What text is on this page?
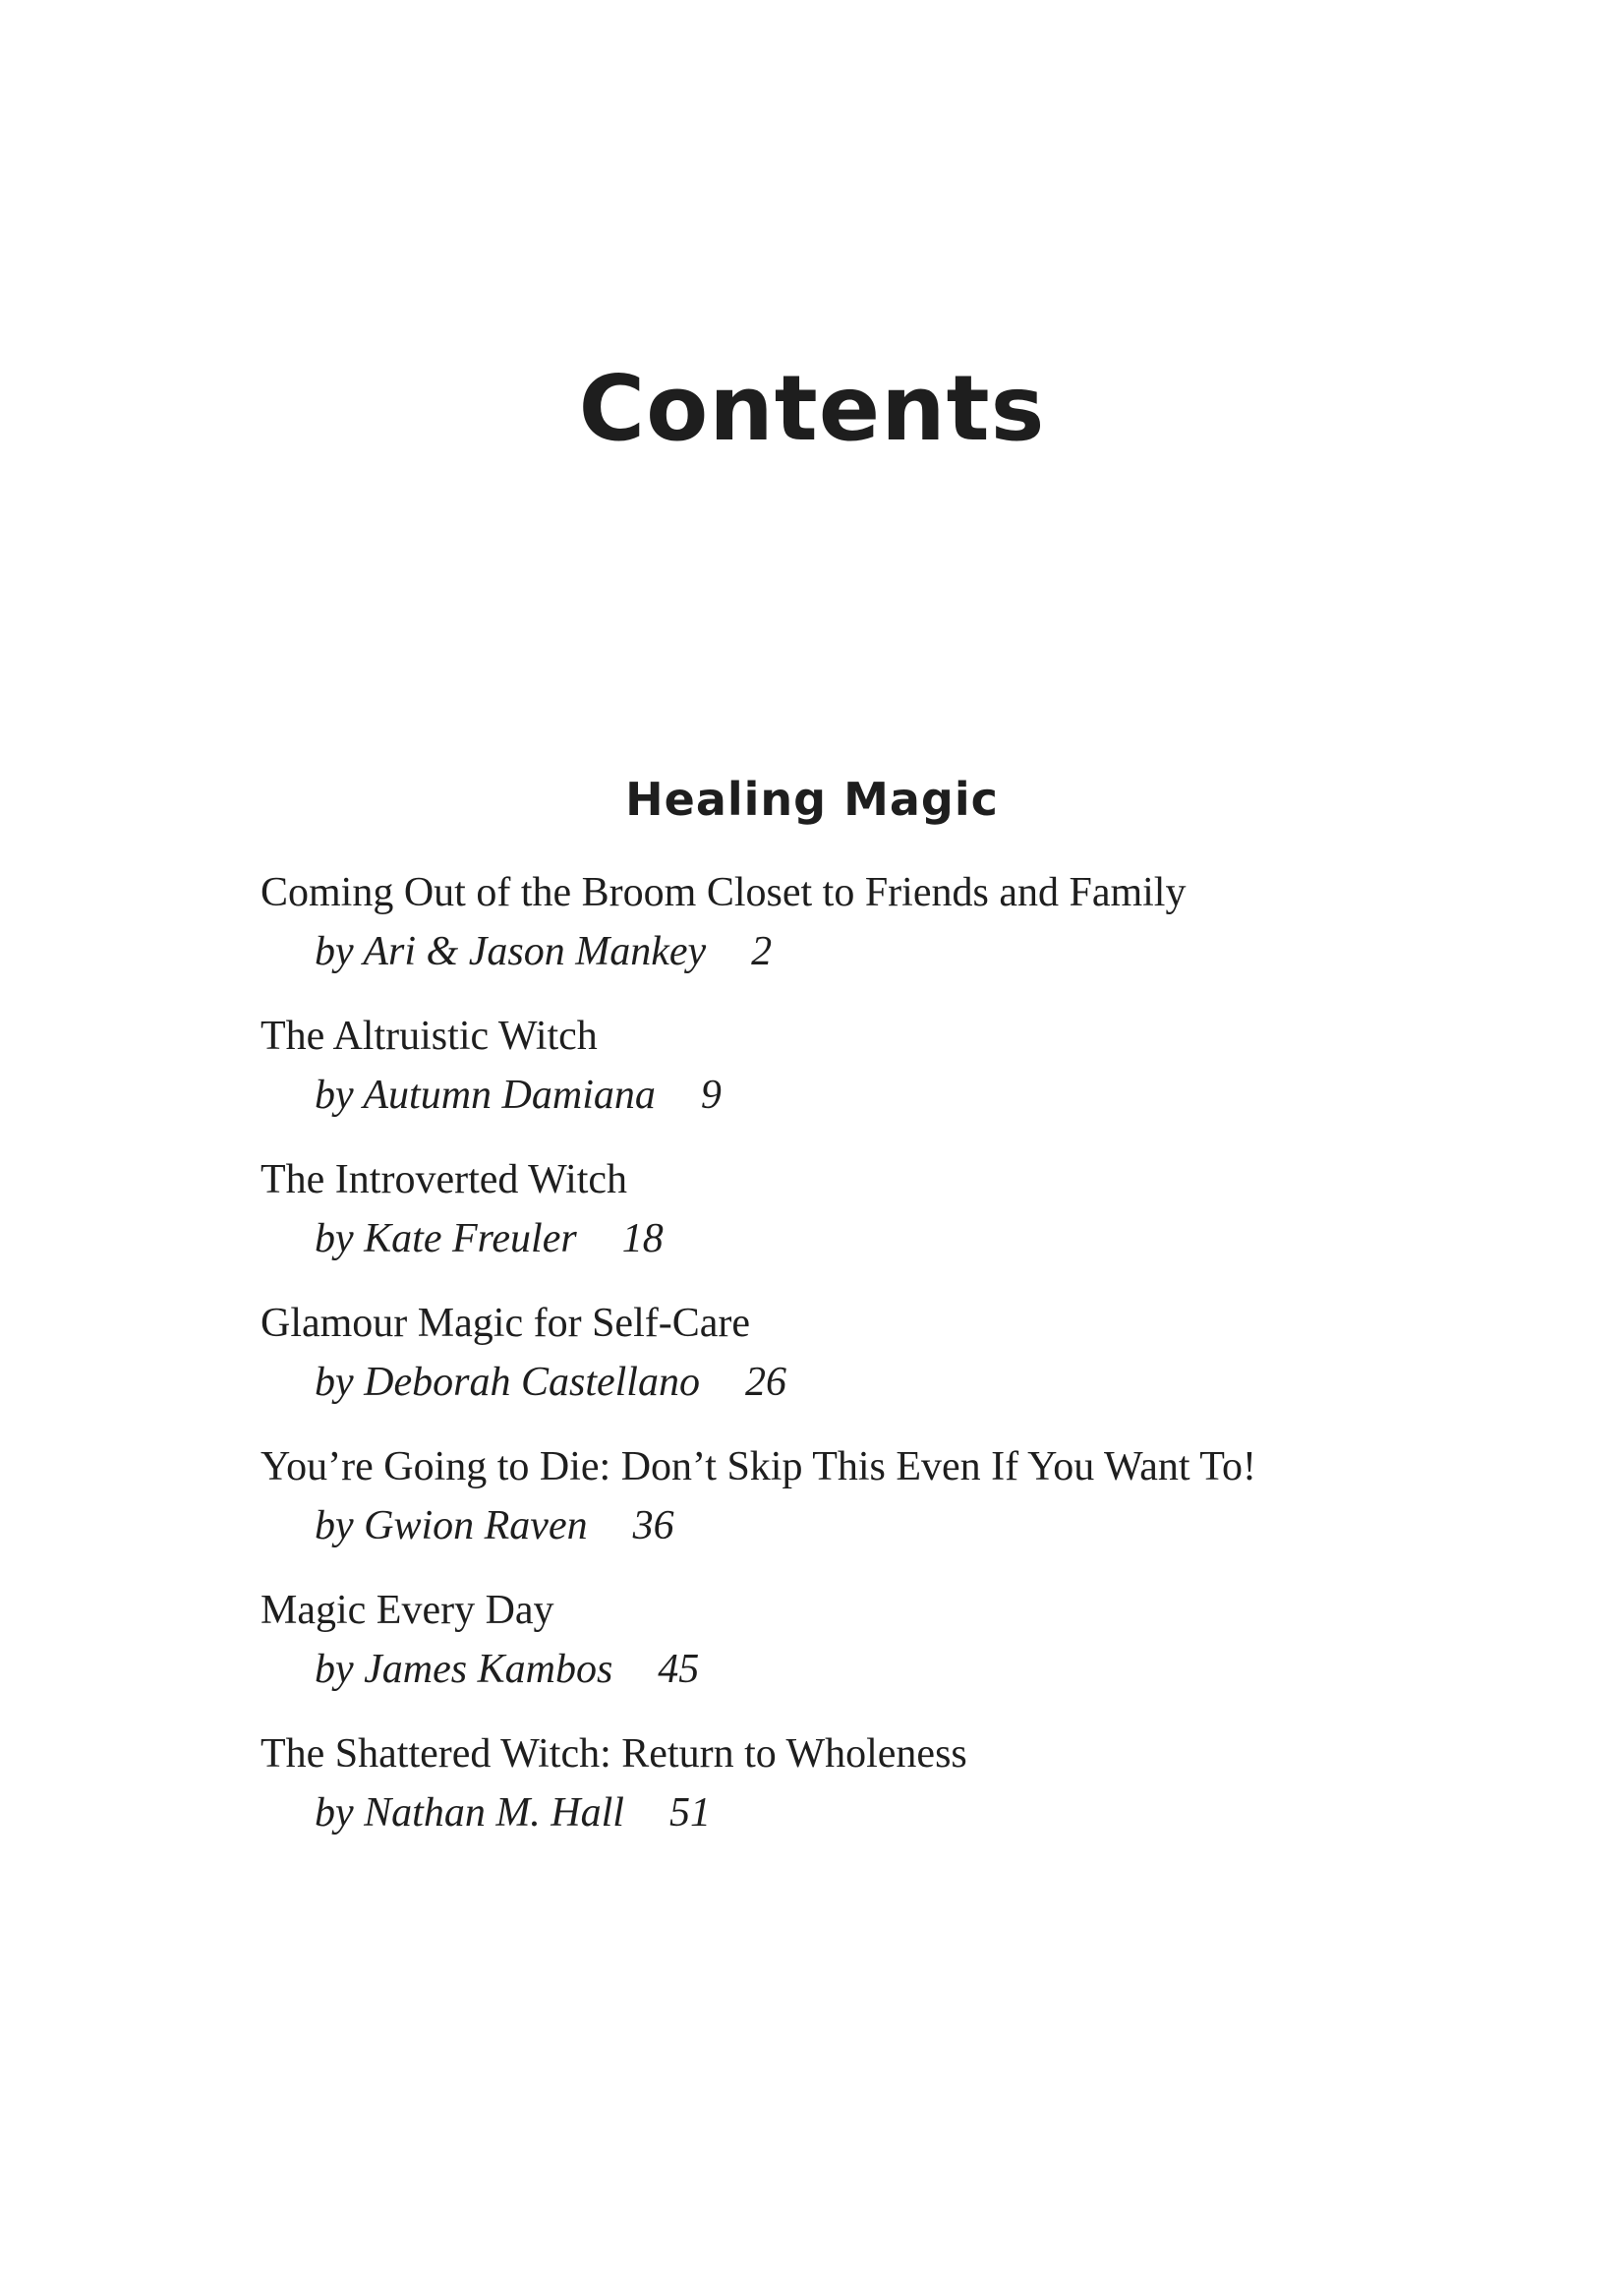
Contents
Healing Magic
Coming Out of the Broom Closet to Friends and Family
by Ari & Jason Mankey 2
The Altruistic Witch
by Autumn Damiana 9
The Introverted Witch
by Kate Freuler 18
Glamour Magic for Self-Care
by Deborah Castellano 26
You’re Going to Die: Don’t Skip This Even If You Want To!
by Gwion Raven 36
Magic Every Day
by James Kambos 45
The Shattered Witch: Return to Wholeness
by Nathan M. Hall 51
